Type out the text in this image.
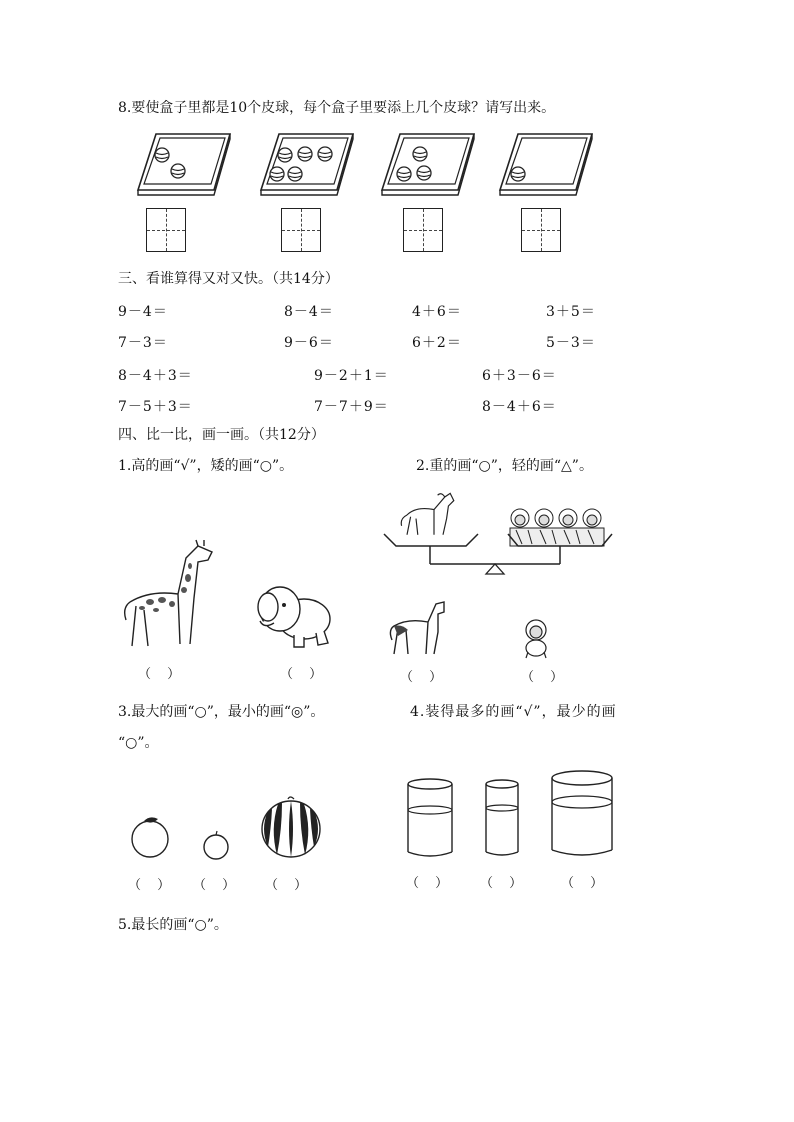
8.要使盒子里都是10个皮球，每个盒子里要添上几个皮球？请写出来。
三、看谁算得又对又快。（共14分）
9－4＝	8－4＝	4＋6＝	3＋5＝
7－3＝	9－6＝	6＋2＝	5－3＝
8－4＋3＝	9－2＋1＝	6＋3－6＝
7－5＋3＝	7－7＋9＝	8－4＋6＝
四、比一比，画一画。（共12分）
1.高的画“√”，矮的画“○”。	2.重的画“○”，轻的画“△”。
（ ）	（ ）	（ ）	（ ）
3.最大的画“○”，最小的画“◎”。	4.装得最多的画“√”，最少的画
“○”。
（ ） （ ） （ ）	（ ） （ ）	（ ）
5.最长的画“○”。
